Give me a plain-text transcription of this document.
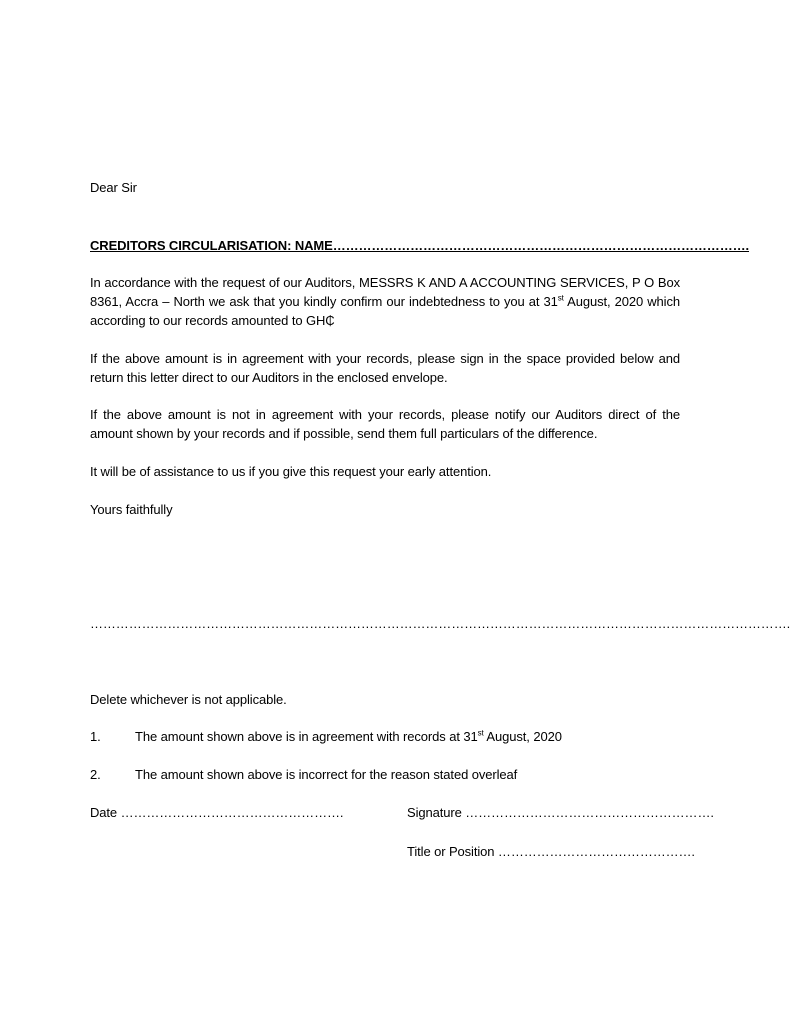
Dear Sir

CREDITORS CIRCULARISATION: NAME…………………………………………………………………………………….

In accordance with the request of our Auditors, MESSRS K AND A ACCOUNTING SERVICES, P O Box 8361, Accra – North we ask that you kindly confirm our indebtedness to you at 31st August, 2020 which according to our records amounted to GH₵

If the above amount is in agreement with your records, please sign in the space provided below and return this letter direct to our Auditors in the enclosed envelope.

If the above amount is not in agreement with your records, please notify our Auditors direct of the amount shown by your records and if possible, send them full particulars of the difference.

It will be of assistance to us if you give this request your early attention.

Yours faithfully

……………………………………………………………………………………………………………………………………………….

Delete whichever is not applicable.

1.	The amount shown above is in agreement with records at 31st August, 2020

2.	The amount shown above is incorrect for the reason stated overleaf

Date …………………………………………….	Signature ………………………………………………….
Title or Position ……………………………………….
